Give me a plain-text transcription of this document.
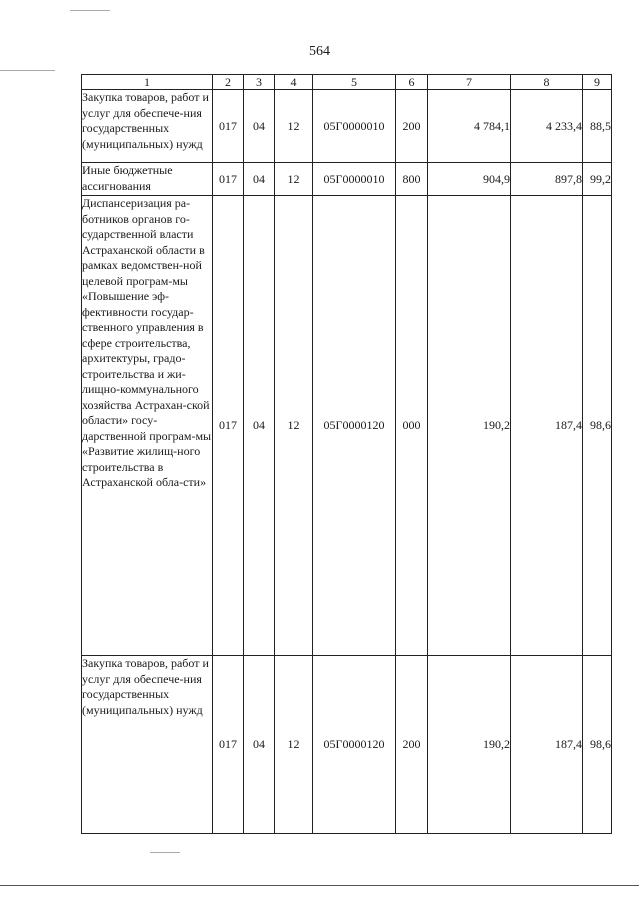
564
1	2	3	4	5	6	7	8	9

Закупка товаров, работ и услуг для обеспече-ния государственных (муниципальных) нужд	017	04	12	05Г0000010	200	4 784,1	4 233,4	88,5

Иные бюджетные ассигнования	017	04	12	05Г0000010	800	904,9	897,8	99,2

Диспансеризация ра-ботников органов го-сударственной власти Астраханской области в рамках ведомствен-ной целевой програм-мы «Повышение эф-фективности государ-ственного управления в сфере строительства, архитектуры, градо-строительства и жи-лищно-коммунального хозяйства Астрахан-ской области» госу-дарственной програм-мы «Развитие жилищ-ного строительства в Астраханской обла-сти»	017	04	12	05Г0000120	000	190,2	187,4	98,6

Закупка товаров, работ и услуг для обеспече-ния государственных (муниципальных) нужд	017	04	12	05Г0000120	200	190,2	187,4	98,6
